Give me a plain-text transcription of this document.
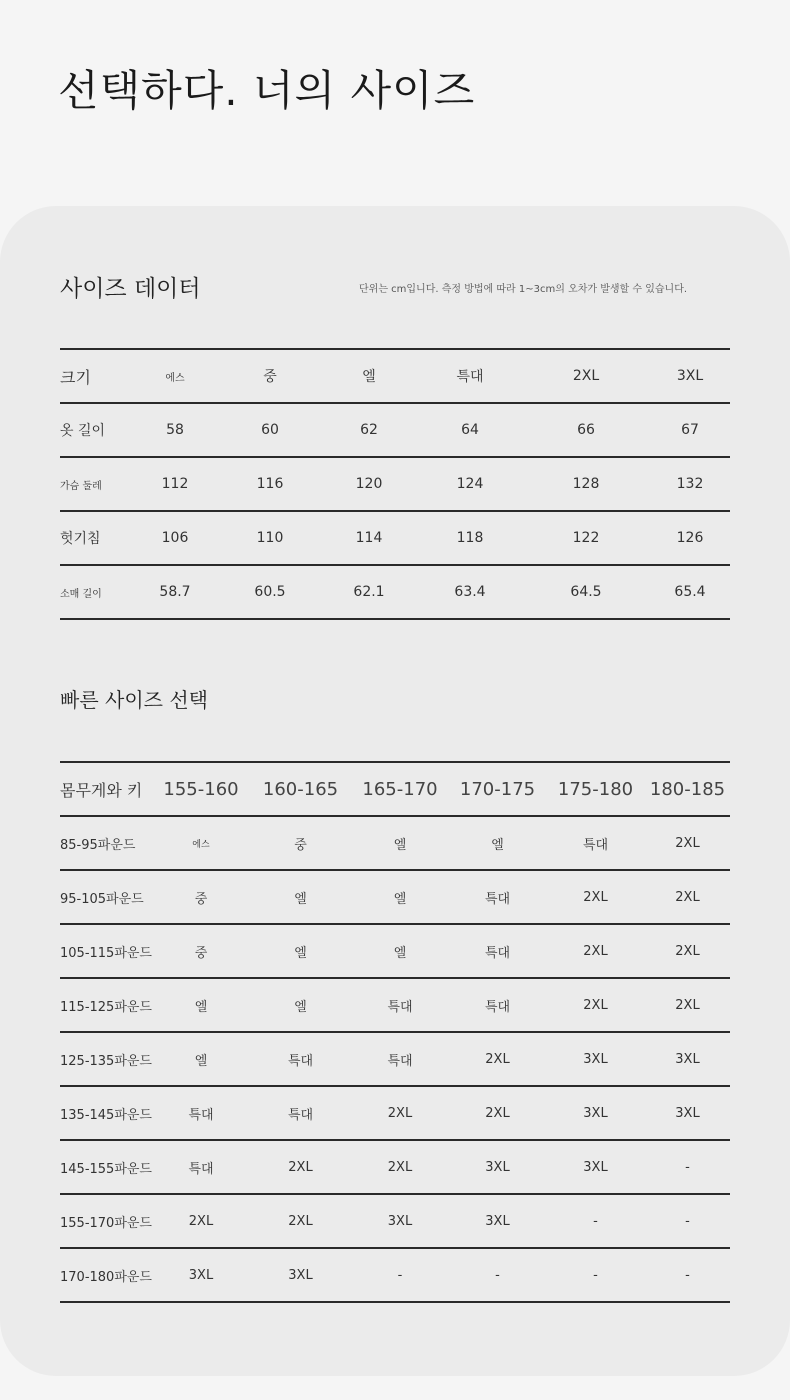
선택하다. 너의 사이즈
사이즈 데이터	단위는 cm입니다. 측정 방법에 따라 1~3cm의 오차가 발생할 수 있습니다.
크기	에스	중	엘	특대	2XL	3XL
옷 길이	58	60	62	64	66	67
가슴 둘레	112	116	120	124	128	132
헛기침	106	110	114	118	122	126
소매 길이	58.7	60.5	62.1	63.4	64.5	65.4
빠른 사이즈 선택
몸무게와 키	155-160	160-165	165-170	170-175	175-180	180-185
85-95파운드	에스	중	엘	엘	특대	2XL
95-105파운드	중	엘	엘	특대	2XL	2XL
105-115파운드	중	엘	엘	특대	2XL	2XL
115-125파운드	엘	엘	특대	특대	2XL	2XL
125-135파운드	엘	특대	특대	2XL	3XL	3XL
135-145파운드	특대	특대	2XL	2XL	3XL	3XL
145-155파운드	특대	2XL	2XL	3XL	3XL	-
155-170파운드	2XL	2XL	3XL	3XL	-	-
170-180파운드	3XL	3XL	-	-	-	-
